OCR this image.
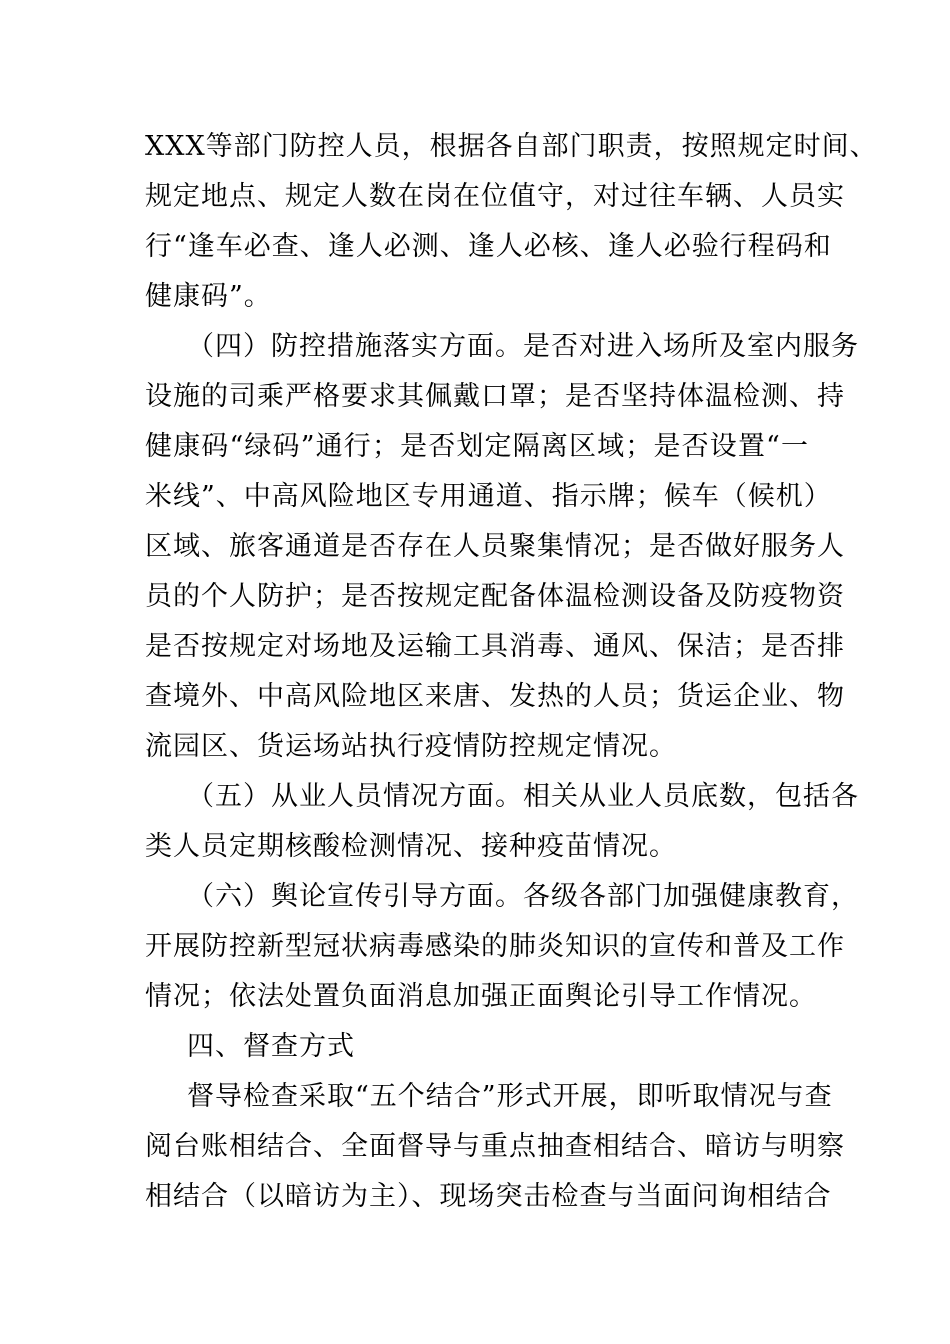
XXX等部门防控人员，根据各自部门职责，按照规定时间、
规定地点、规定人数在岗在位值守，对过往车辆、人员实
行“逢车必查、逢人必测、逢人必核、逢人必验行程码和
健康码”。
（四）防控措施落实方面。是否对进入场所及室内服务
设施的司乘严格要求其佩戴口罩；是否坚持体温检测、持
健康码“绿码”通行；是否划定隔离区域；是否设置“一
米线”、中高风险地区专用通道、指示牌；候车（候机）
区域、旅客通道是否存在人员聚集情况；是否做好服务人
员的个人防护；是否按规定配备体温检测设备及防疫物资
是否按规定对场地及运输工具消毒、通风、保洁；是否排
查境外、中高风险地区来唐、发热的人员；货运企业、物
流园区、货运场站执行疫情防控规定情况。
（五）从业人员情况方面。相关从业人员底数，包括各
类人员定期核酸检测情况、接种疫苗情况。
（六）舆论宣传引导方面。各级各部门加强健康教育，
开展防控新型冠状病毒感染的肺炎知识的宣传和普及工作
情况；依法处置负面消息加强正面舆论引导工作情况。
四、督查方式
督导检查采取“五个结合”形式开展，即听取情况与查
阅台账相结合、全面督导与重点抽查相结合、暗访与明察
相结合（以暗访为主）、现场突击检查与当面问询相结合
